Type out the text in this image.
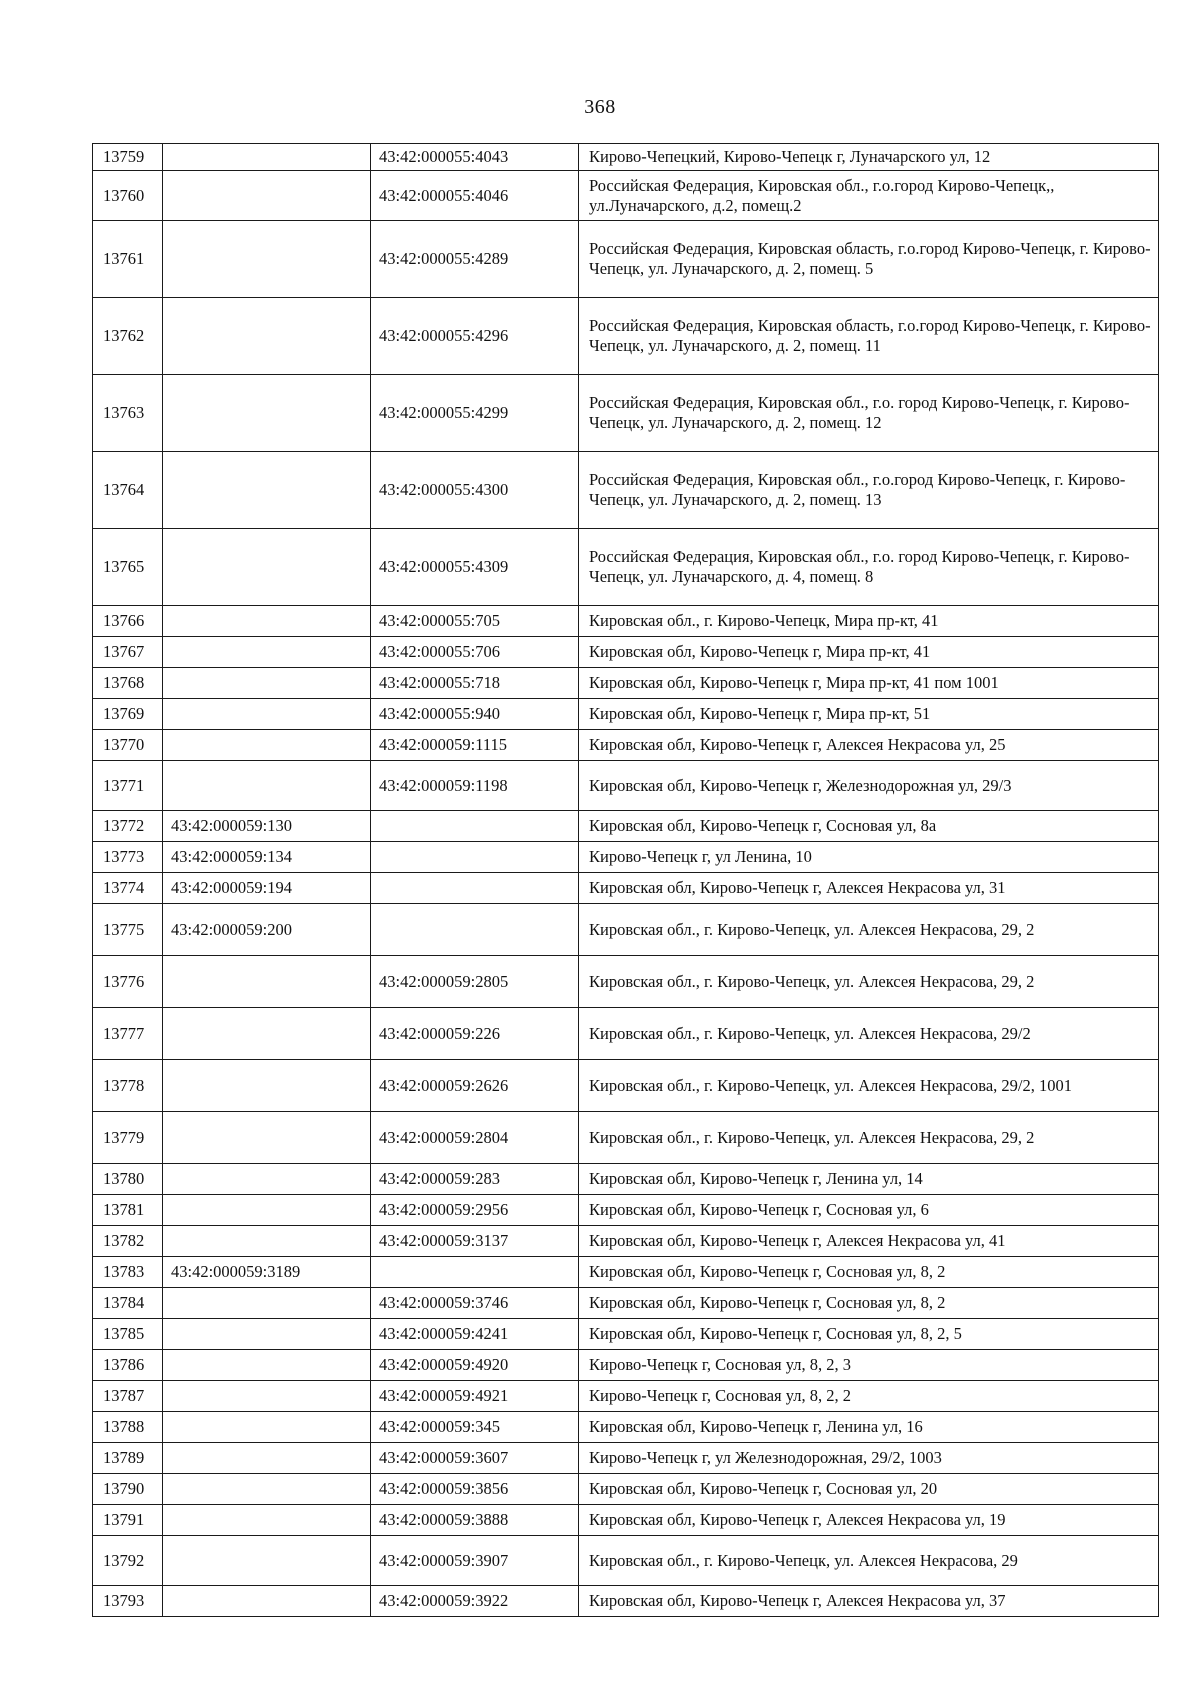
368
13759		43:42:000055:4043	Кирово-Чепецкий, Кирово-Чепецк г, Луначарского ул, 12
13760		43:42:000055:4046	Российская Федерация, Кировская обл., г.о.город Кирово-Чепецк,, ул.Луначарского, д.2, помещ.2
13761		43:42:000055:4289	Российская Федерация, Кировская область, г.о.город Кирово-Чепецк, г. Кирово-Чепецк, ул. Луначарского, д. 2, помещ. 5
13762		43:42:000055:4296	Российская Федерация, Кировская область, г.о.город Кирово-Чепецк, г. Кирово-Чепецк, ул. Луначарского, д. 2, помещ. 11
13763		43:42:000055:4299	Российская Федерация, Кировская обл., г.о. город Кирово-Чепецк, г. Кирово-Чепецк, ул. Луначарского, д. 2, помещ. 12
13764		43:42:000055:4300	Российская Федерация, Кировская обл., г.о.город Кирово-Чепецк, г. Кирово-Чепецк, ул. Луначарского, д. 2, помещ. 13
13765		43:42:000055:4309	Российская Федерация, Кировская обл., г.о. город Кирово-Чепецк, г. Кирово-Чепецк, ул. Луначарского, д. 4, помещ. 8
13766		43:42:000055:705	Кировская обл., г. Кирово-Чепецк, Мира пр-кт, 41
13767		43:42:000055:706	Кировская обл, Кирово-Чепецк г, Мира пр-кт, 41
13768		43:42:000055:718	Кировская обл, Кирово-Чепецк г, Мира пр-кт, 41 пом 1001
13769		43:42:000055:940	Кировская обл, Кирово-Чепецк г, Мира пр-кт, 51
13770		43:42:000059:1115	Кировская обл, Кирово-Чепецк г, Алексея Некрасова ул, 25
13771		43:42:000059:1198	Кировская обл, Кирово-Чепецк г, Железнодорожная ул, 29/3
13772	43:42:000059:130		Кировская обл, Кирово-Чепецк г, Сосновая ул, 8а
13773	43:42:000059:134		Кирово-Чепецк г, ул Ленина, 10
13774	43:42:000059:194		Кировская обл, Кирово-Чепецк г, Алексея Некрасова ул, 31
13775	43:42:000059:200		Кировская обл., г. Кирово-Чепецк, ул. Алексея Некрасова, 29, 2
13776		43:42:000059:2805	Кировская обл., г. Кирово-Чепецк, ул. Алексея Некрасова, 29, 2
13777		43:42:000059:226	Кировская обл., г. Кирово-Чепецк, ул. Алексея Некрасова, 29/2
13778		43:42:000059:2626	Кировская обл., г. Кирово-Чепецк, ул. Алексея Некрасова, 29/2, 1001
13779		43:42:000059:2804	Кировская обл., г. Кирово-Чепецк, ул. Алексея Некрасова, 29, 2
13780		43:42:000059:283	Кировская обл, Кирово-Чепецк г, Ленина ул, 14
13781		43:42:000059:2956	Кировская обл, Кирово-Чепецк г, Сосновая ул, 6
13782		43:42:000059:3137	Кировская обл, Кирово-Чепецк г, Алексея Некрасова ул, 41
13783	43:42:000059:3189		Кировская обл, Кирово-Чепецк г, Сосновая ул, 8, 2
13784		43:42:000059:3746	Кировская обл, Кирово-Чепецк г, Сосновая ул, 8, 2
13785		43:42:000059:4241	Кировская обл, Кирово-Чепецк г, Сосновая ул, 8, 2, 5
13786		43:42:000059:4920	Кирово-Чепецк г, Сосновая ул, 8, 2, 3
13787		43:42:000059:4921	Кирово-Чепецк г, Сосновая ул, 8, 2, 2
13788		43:42:000059:345	Кировская обл, Кирово-Чепецк г, Ленина ул, 16
13789		43:42:000059:3607	Кирово-Чепецк г, ул Железнодорожная, 29/2, 1003
13790		43:42:000059:3856	Кировская обл, Кирово-Чепецк г, Сосновая ул, 20
13791		43:42:000059:3888	Кировская обл, Кирово-Чепецк г, Алексея Некрасова ул, 19
13792		43:42:000059:3907	Кировская обл., г. Кирово-Чепецк, ул. Алексея Некрасова, 29
13793		43:42:000059:3922	Кировская обл, Кирово-Чепецк г, Алексея Некрасова ул, 37
